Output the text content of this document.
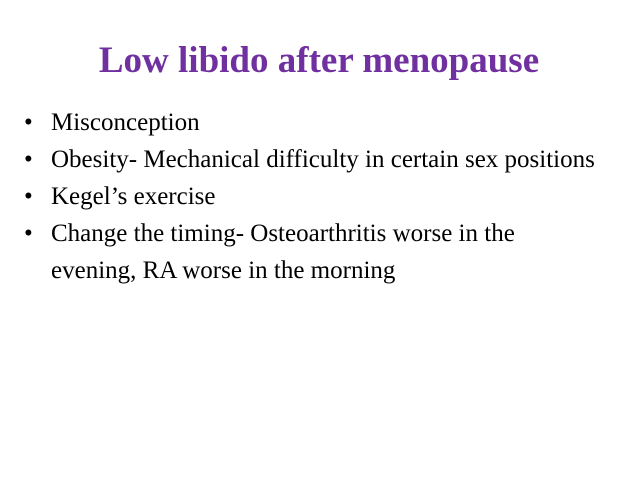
Low libido after menopause
• Misconception
• Obesity- Mechanical difficulty in certain sex positions
• Kegel’s exercise
• Change the timing- Osteoarthritis worse in the evening, RA worse in the morning
